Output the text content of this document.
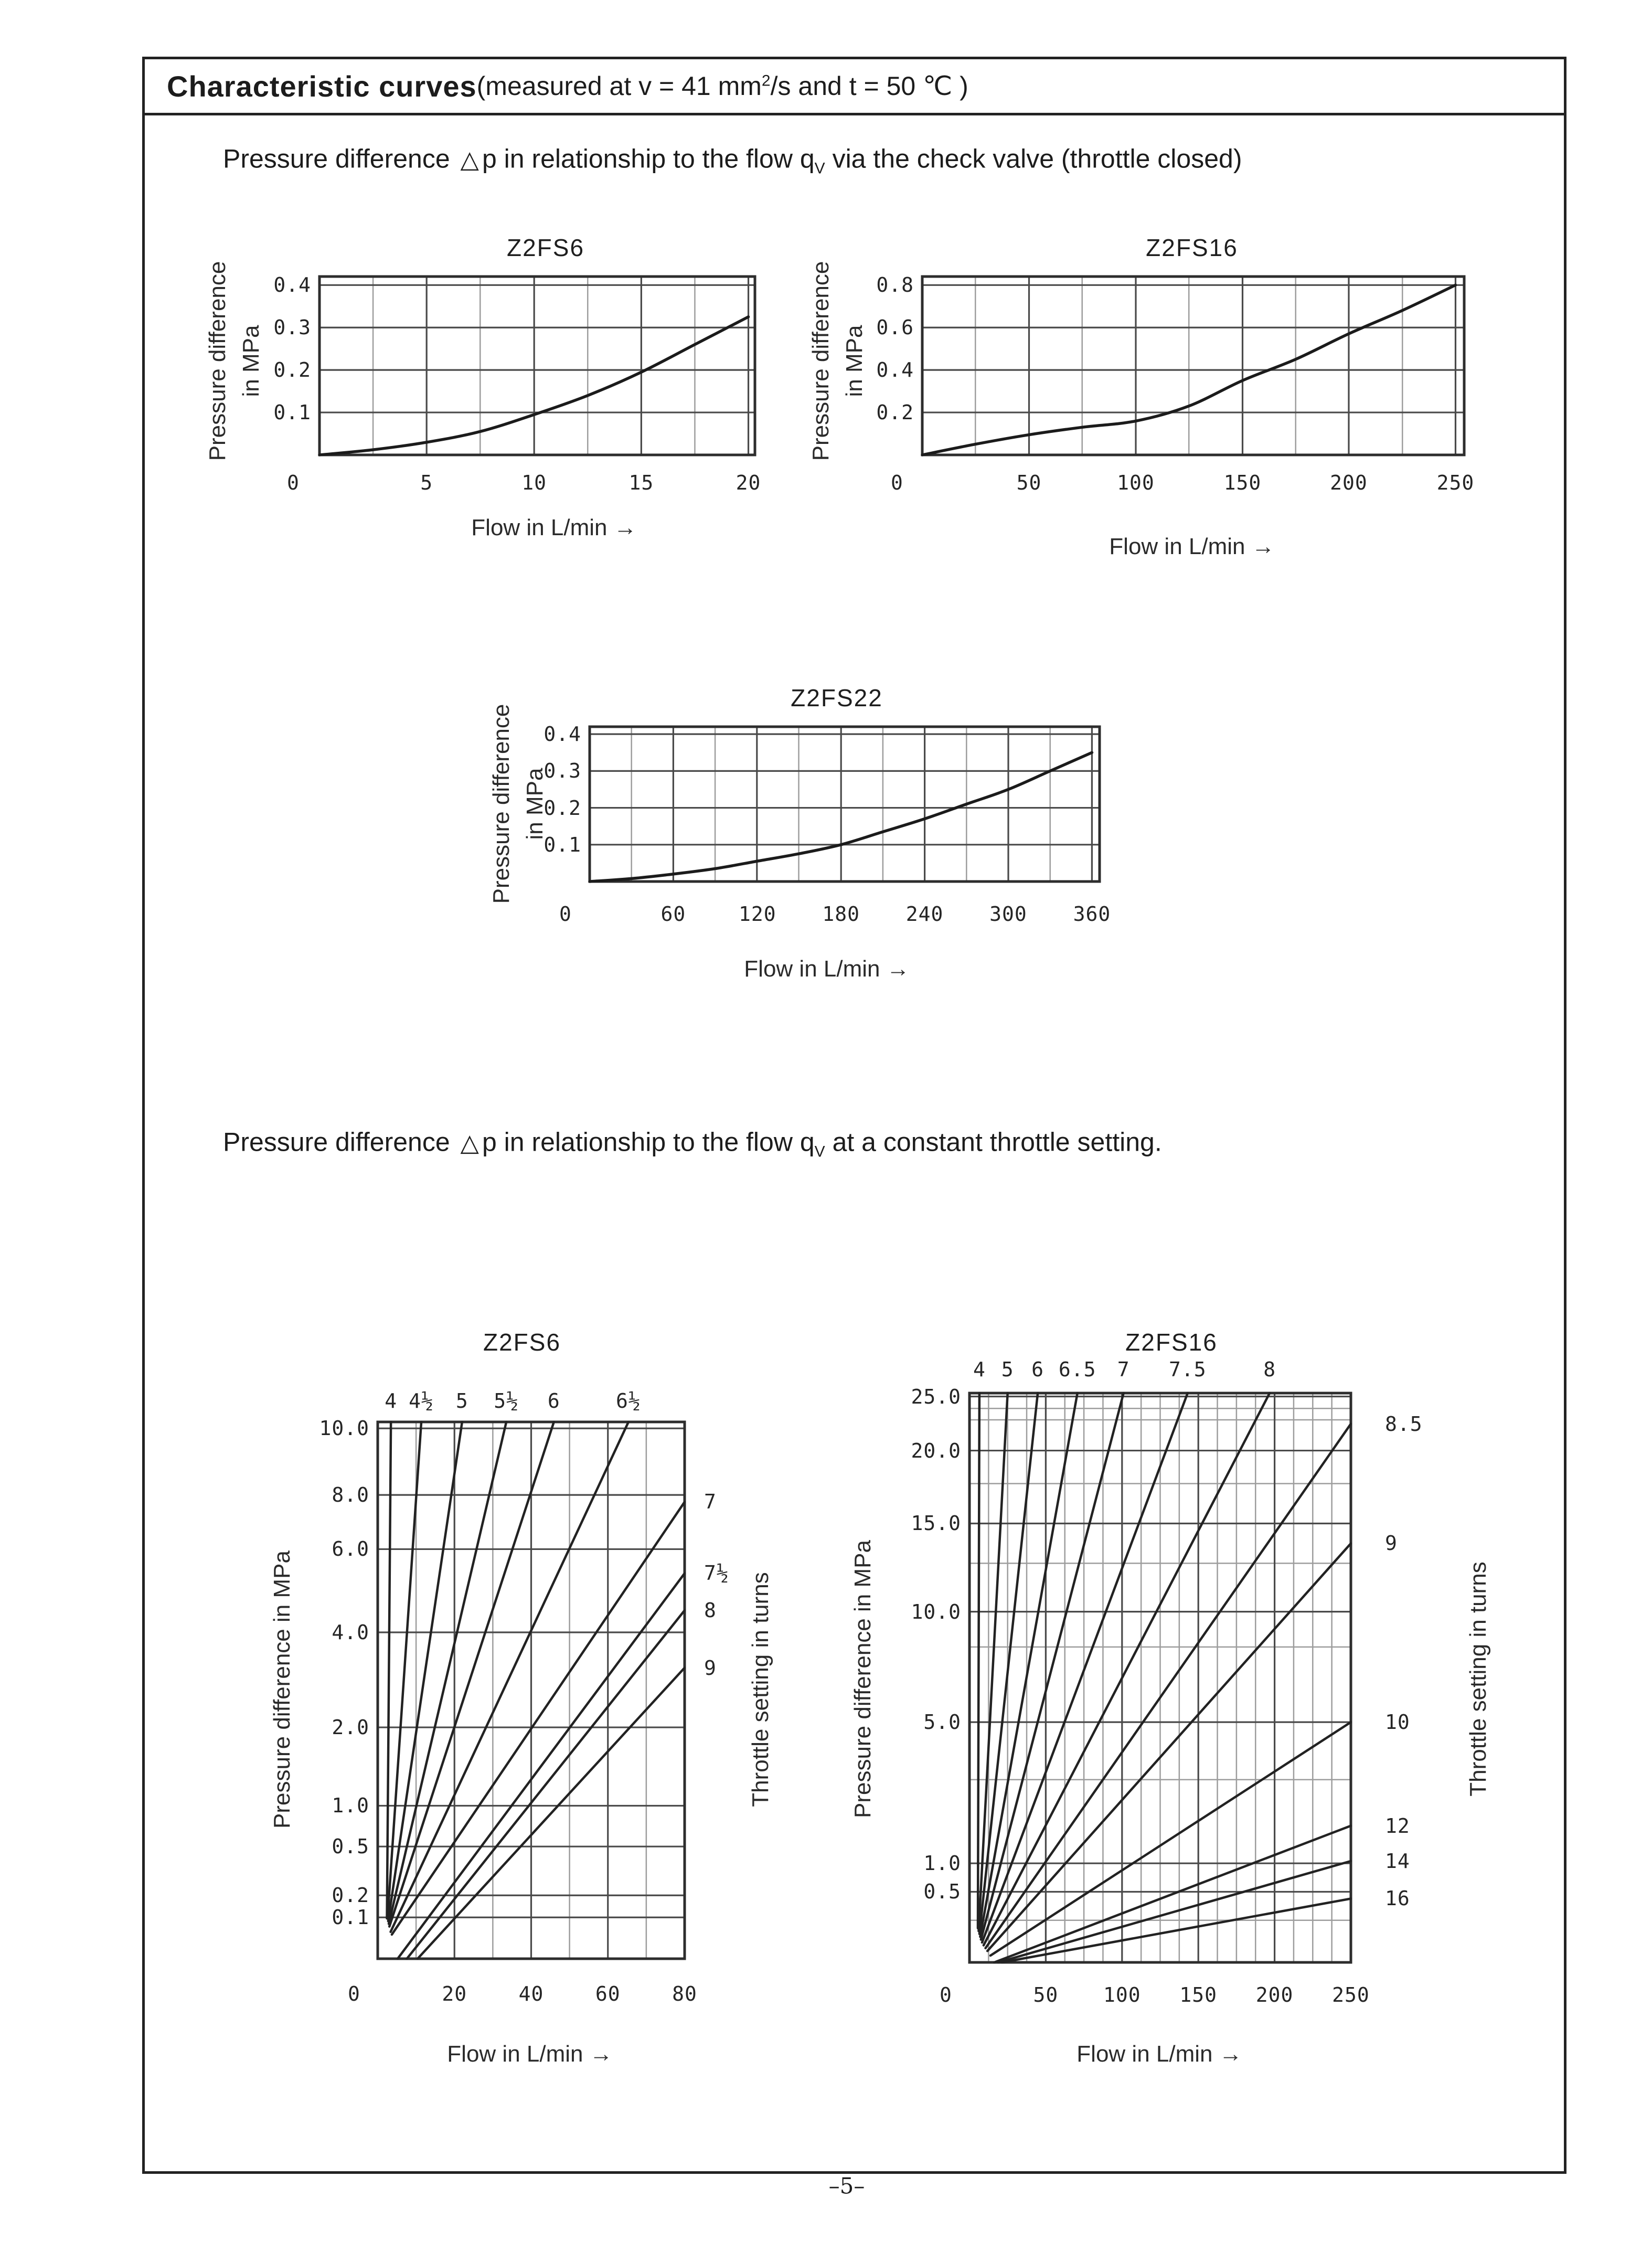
Characteristic curves (measured at v = 41 $mm^2/s$ and t = 50 ℃ )
Pressure difference △ p in relationship to the flow $q_V$ via the check valve (throttle closed)
Pressure difference △ p in relationship to the flow $q_V$ at a constant throttle setting.
Z2FS6
Flow in L/min →
0	5	10	15	20
0.4
0.3
0.2
0.1
Pressure difference in MPa
Z2FS16
Flow in L/min →
0	50	100	150	200	250
0.8
0.6
0.4
0.2
Pressure difference in MPa
Z2FS22
Flow in L/min →
0	60	120 180 240 300 360
0.4
0.3
0.2
0.1
Pressure difference in MPa
Z2FS6
Flow in L/min →
0	20	40	60	80
10.0
8.0
6.0
4.0
2.0
1.0
0.5
0.2
0.1
4 4½ 5 5½ 6	6½
7
7½
8
9
Pressure difference in MPa	Throttle setting in turns
Z2FS16
Flow in L/min →
0	50 100 150 200 250
25.0
20.0
15.0
10.0
5.0
1.0
0.5
4 5 6 6.5 7 7.5	8
8.5
9
10
12
14
16
Pressure difference in MPa	Throttle setting in turns
–5–
